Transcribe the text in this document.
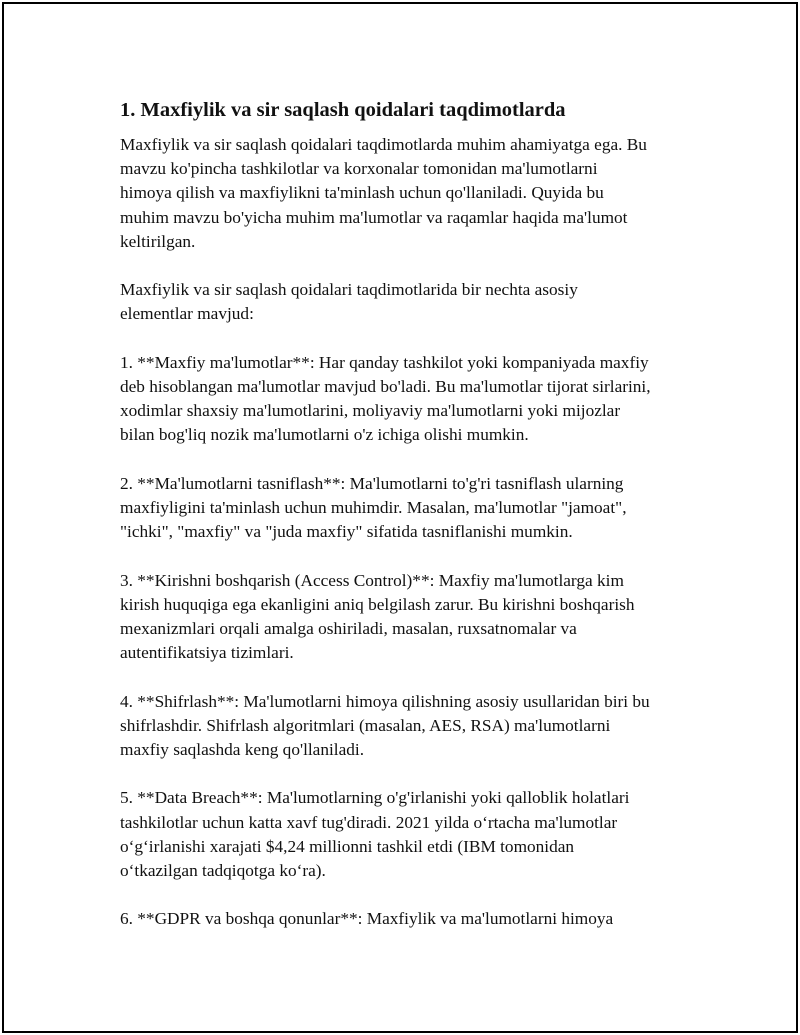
1. Maxfiylik va sir saqlash qoidalari taqdimotlarda

Maxfiylik va sir saqlash qoidalari taqdimotlarda muhim ahamiyatga ega. Bu
mavzu ko'pincha tashkilotlar va korxonalar tomonidan ma'lumotlarni
himoya qilish va maxfiylikni ta'minlash uchun qo'llaniladi. Quyida bu
muhim mavzu bo'yicha muhim ma'lumotlar va raqamlar haqida ma'lumot
keltirilgan.

Maxfiylik va sir saqlash qoidalari taqdimotlarida bir nechta asosiy
elementlar mavjud:

1. **Maxfiy ma'lumotlar**: Har qanday tashkilot yoki kompaniyada maxfiy
deb hisoblangan ma'lumotlar mavjud bo'ladi. Bu ma'lumotlar tijorat sirlarini,
xodimlar shaxsiy ma'lumotlarini, moliyaviy ma'lumotlarni yoki mijozlar
bilan bog'liq nozik ma'lumotlarni o'z ichiga olishi mumkin.

2. **Ma'lumotlarni tasniflash**: Ma'lumotlarni to'g'ri tasniflash ularning
maxfiyligini ta'minlash uchun muhimdir. Masalan, ma'lumotlar "jamoat",
"ichki", "maxfiy" va "juda maxfiy" sifatida tasniflanishi mumkin.

3. **Kirishni boshqarish (Access Control)**: Maxfiy ma'lumotlarga kim
kirish huquqiga ega ekanligini aniq belgilash zarur. Bu kirishni boshqarish
mexanizmlari orqali amalga oshiriladi, masalan, ruxsatnomalar va
autentifikatsiya tizimlari.

4. **Shifrlash**: Ma'lumotlarni himoya qilishning asosiy usullaridan biri bu
shifrlashdir. Shifrlash algoritmlari (masalan, AES, RSA) ma'lumotlarni
maxfiy saqlashda keng qo'llaniladi.

5. **Data Breach**: Ma'lumotlarning o'g'irlanishi yoki qalloblik holatlari
tashkilotlar uchun katta xavf tug'diradi. 2021 yilda o‘rtacha ma'lumotlar
o‘g‘irlanishi xarajati $4,24 millionni tashkil etdi (IBM tomonidan
o‘tkazilgan tadqiqotga ko‘ra).

6. **GDPR va boshqa qonunlar**: Maxfiylik va ma'lumotlarni himoya
